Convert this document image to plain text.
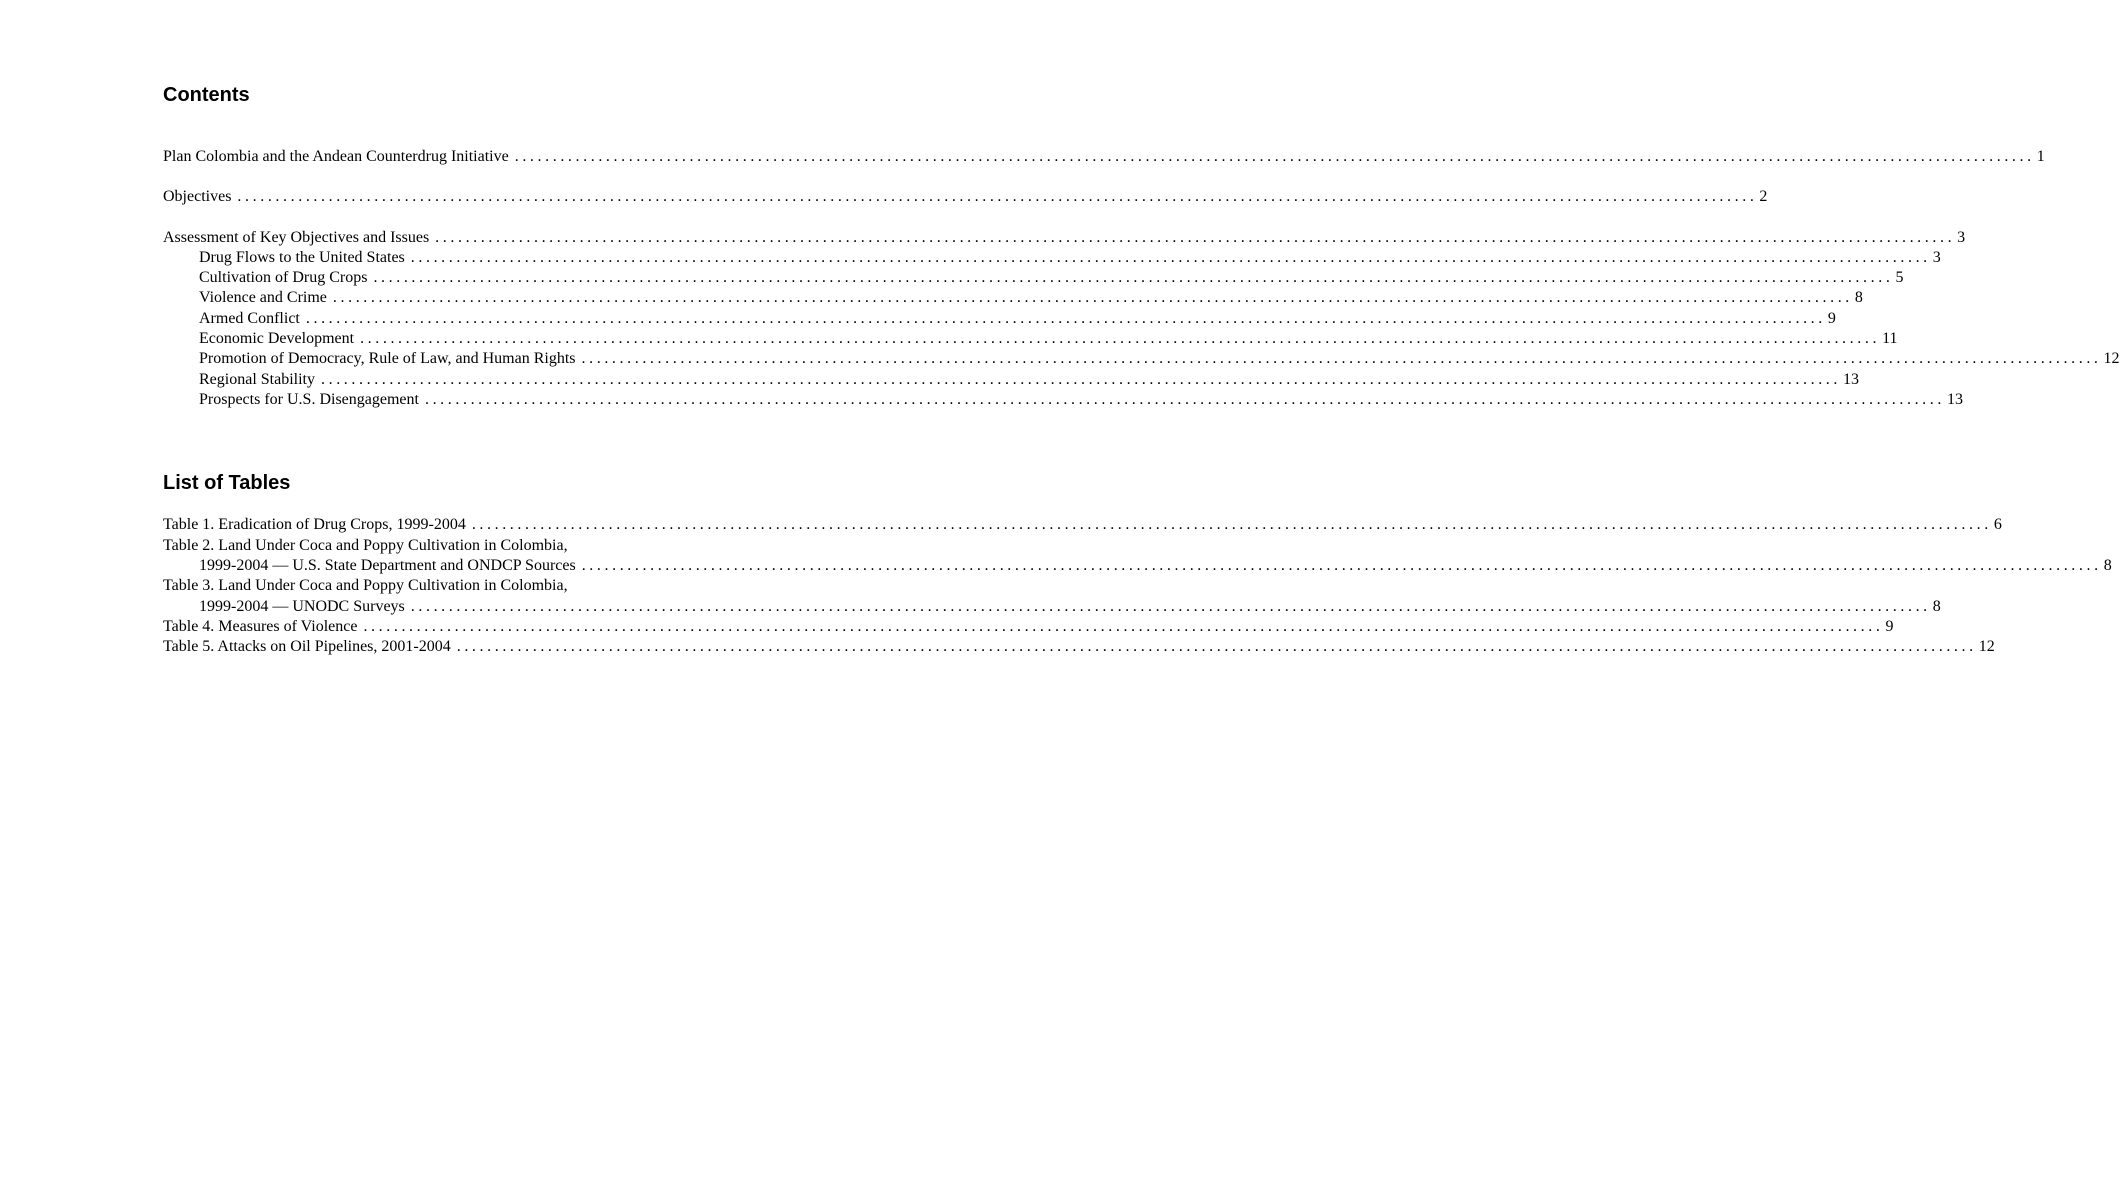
Contents
Plan Colombia and the Andean Counterdrug Initiative ........................................................................................................................................................................................................ 1
Objectives ........................................................................................................................................................................................................ 2
Assessment of Key Objectives and Issues ........................................................................................................................................................................................................ 3
Drug Flows to the United States ........................................................................................................................................................................................................ 3
Cultivation of Drug Crops ........................................................................................................................................................................................................ 5
Violence and Crime ........................................................................................................................................................................................................ 8
Armed Conflict ........................................................................................................................................................................................................ 9
Economic Development ........................................................................................................................................................................................................ 11
Promotion of Democracy, Rule of Law, and Human Rights ........................................................................................................................................................................................................ 12
Regional Stability ........................................................................................................................................................................................................ 13
Prospects for U.S. Disengagement ........................................................................................................................................................................................................ 13
List of Tables
Table 1. Eradication of Drug Crops, 1999-2004 ........................................................................................................................................................................................................ 6
Table 2. Land Under Coca and Poppy Cultivation in Colombia,
1999-2004 — U.S. State Department and ONDCP Sources ........................................................................................................................................................................................................ 8
Table 3. Land Under Coca and Poppy Cultivation in Colombia,
1999-2004 — UNODC Surveys ........................................................................................................................................................................................................ 8
Table 4. Measures of Violence ........................................................................................................................................................................................................ 9
Table 5. Attacks on Oil Pipelines, 2001-2004 ........................................................................................................................................................................................................ 12
